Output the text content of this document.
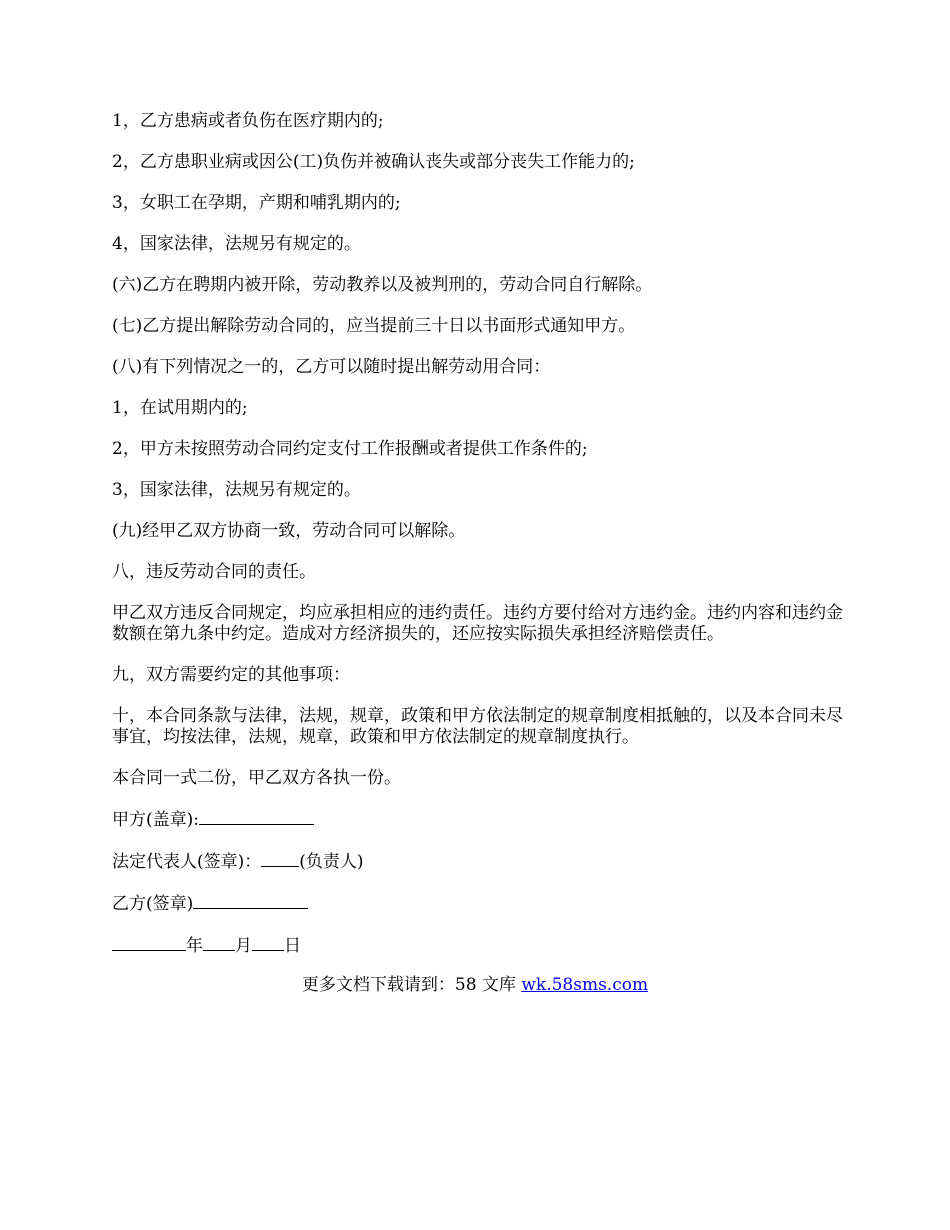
1，乙方患病或者负伤在医疗期内的;

2，乙方患职业病或因公(工)负伤并被确认丧失或部分丧失工作能力的;

3，女职工在孕期，产期和哺乳期内的;

4，国家法律，法规另有规定的。

(六)乙方在聘期内被开除，劳动教养以及被判刑的，劳动合同自行解除。

(七)乙方提出解除劳动合同的，应当提前三十日以书面形式通知甲方。

(八)有下列情况之一的，乙方可以随时提出解劳动用合同：

1，在试用期内的;

2，甲方未按照劳动合同约定支付工作报酬或者提供工作条件的;

3，国家法律，法规另有规定的。

(九)经甲乙双方协商一致，劳动合同可以解除。

八，违反劳动合同的责任。

甲乙双方违反合同规定，均应承担相应的违约责任。违约方要付给对方违约金。违约内容和违约金数额在第九条中约定。造成对方经济损失的，还应按实际损失承担经济赔偿责任。

九，双方需要约定的其他事项：

十，本合同条款与法律，法规，规章，政策和甲方依法制定的规章制度相抵触的，以及本合同未尽事宜，均按法律，法规，规章，政策和甲方依法制定的规章制度执行。

本合同一式二份，甲乙双方各执一份。

甲方(盖章):

法定代表人(签章)： (负责人)

乙方(签章)

年 月 日

更多文档下载请到：58 文库 wk.58sms.com
